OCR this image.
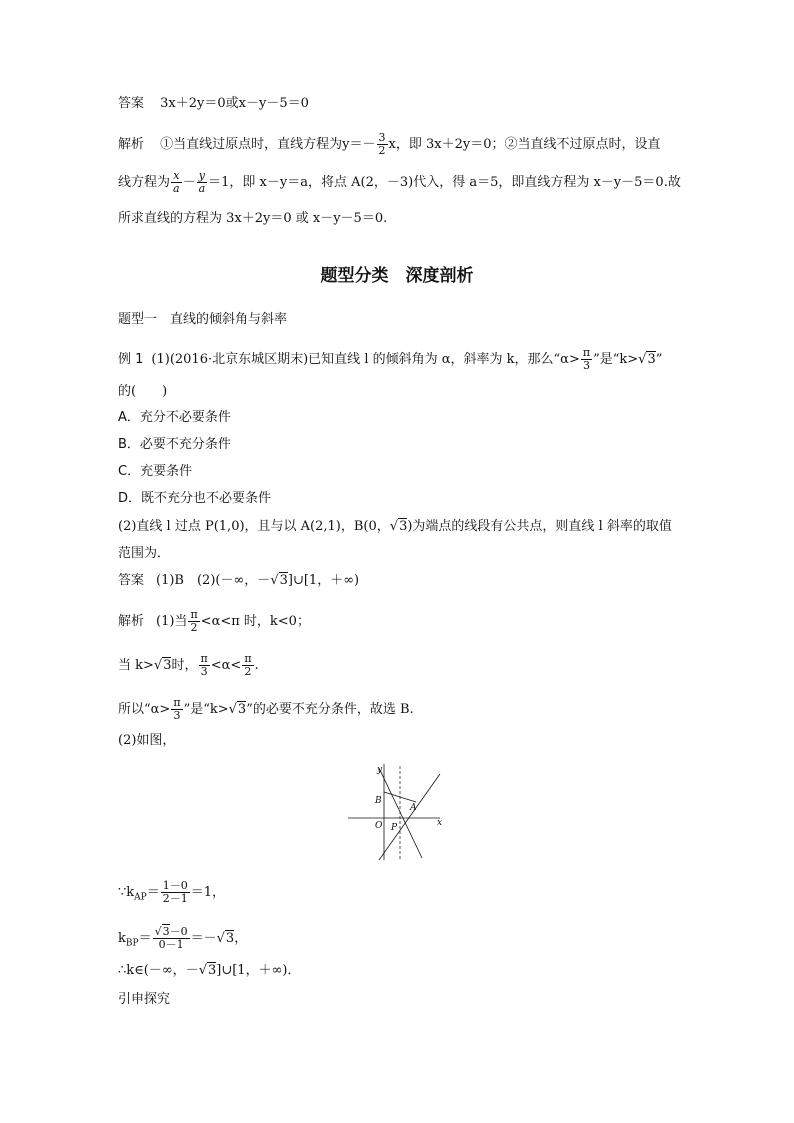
答案 3x＋2y＝0或x－y－5＝0
解析 ①当直线过原点时，直线方程为$y=- \frac{3}{2}$ x，即 3x＋2y＝0；②当直线不过原点时，设直
线方程为 $\frac{x}{a} - \frac{y}{a} =1$，即 x－y＝a，将点 A(2，－3)代入，得 a＝5，即直线方程为 x－y－5＝0.故
所求直线的方程为 3x＋2y＝0 或 x－y－5＝0.
题型分类　深度剖析
题型一　直线的倾斜角与斜率
例 1 (1)(2016·北京东城区期末)已知直线 l 的倾斜角为 α，斜率为 k，那么“$\alpha> \frac{\pi}{3}$ ”是“k>√3”
的(　　)
A．充分不必要条件
B．必要不充分条件
C．充要条件
D．既不充分也不必要条件
(2)直线 l 过点 P(1,0)，且与以 A(2,1)，B(0，√3)为端点的线段有公共点，则直线 l 斜率的取值
范围为．
答案 (1)B　(2)(－∞，－√3]∪[1，＋∞)
解析 (1)当 $\frac{\pi}{2} <\alpha<\pi$ 时，k<0；
当 k>√3时， $\frac{\pi}{3} <\alpha< \frac{\pi}{2}$ .
所以“$\alpha> \frac{\pi}{3}$ ”是“k>√3”的必要不充分条件，故选 B.
(2)如图，
y
x
O
B
A
P
$\because k_{AP}= \frac{1-0}{2-1} =1$，
$k_{BP}= \frac{√3-0}{0-1} =-√3$，
∴k∈(－∞，－√3]∪[1，＋∞)．
引申探究
